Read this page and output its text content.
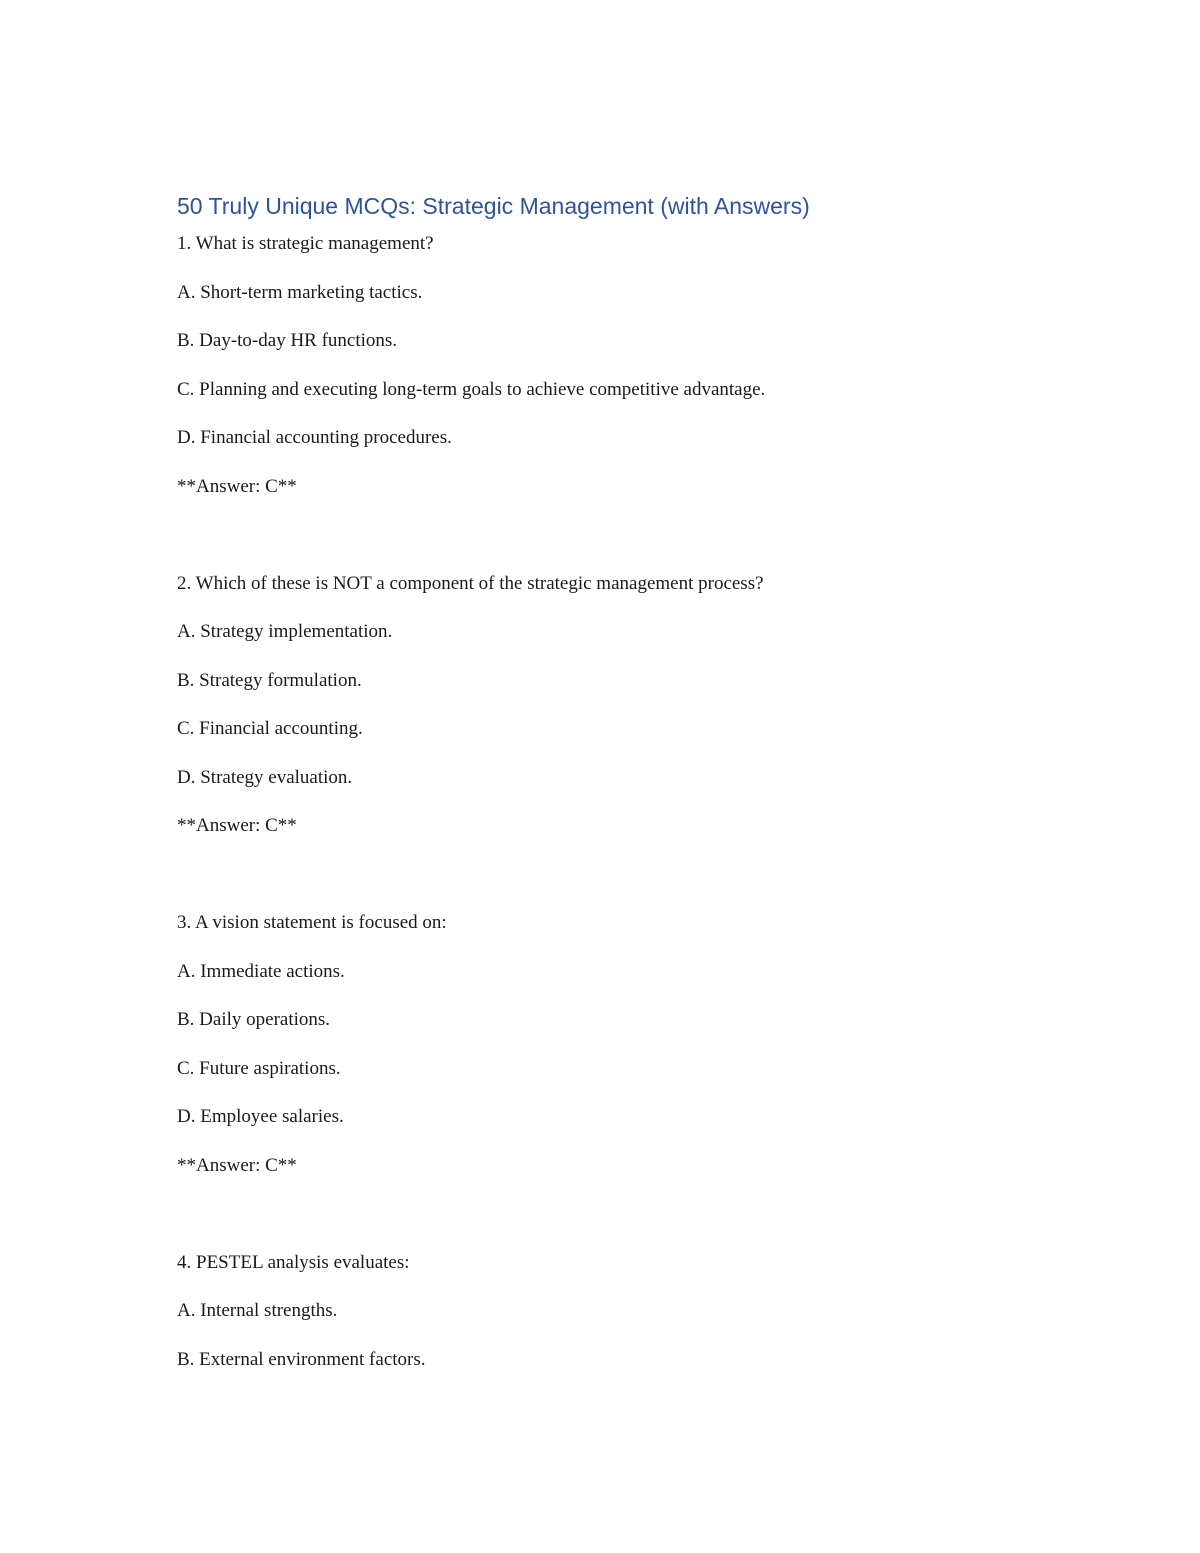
50 Truly Unique MCQs: Strategic Management (with Answers)
1. What is strategic management?
A. Short-term marketing tactics.
B. Day-to-day HR functions.
C. Planning and executing long-term goals to achieve competitive advantage.
D. Financial accounting procedures.
**Answer: C**
2. Which of these is NOT a component of the strategic management process?
A. Strategy implementation.
B. Strategy formulation.
C. Financial accounting.
D. Strategy evaluation.
**Answer: C**
3. A vision statement is focused on:
A. Immediate actions.
B. Daily operations.
C. Future aspirations.
D. Employee salaries.
**Answer: C**
4. PESTEL analysis evaluates:
A. Internal strengths.
B. External environment factors.
